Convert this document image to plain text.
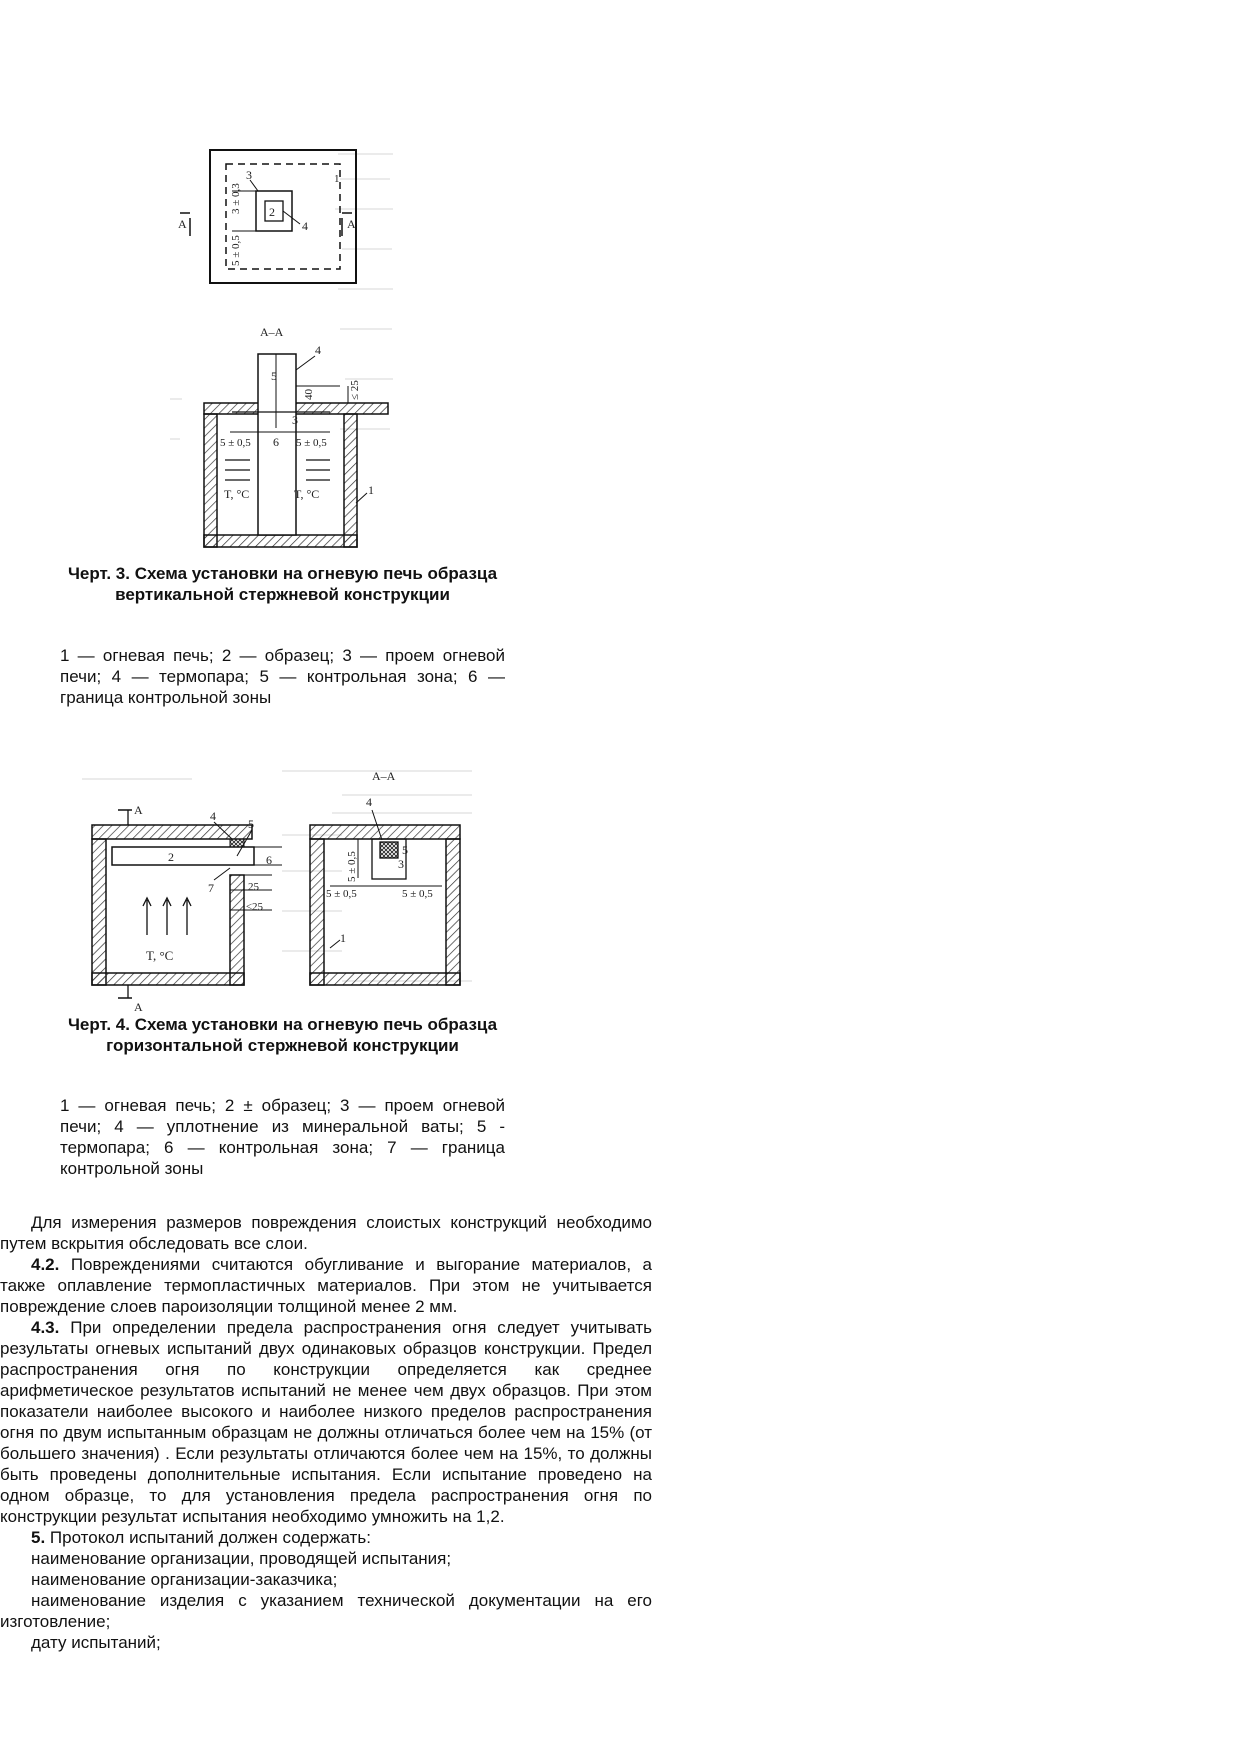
1
2
3
4
3 ± 0,3
5 ± 0,5
A	A
A–A
5
4
3
6
1
40	≤ 25
5 ± 0,5	5 ± 0,5
T, °C	T, °C
Черт. 3. Схема установки на огневую печь образца вертикальной стержневой конструкции
1 — огневая печь; 2 — образец; 3 — проем огневой печи; 4 — термопара; 5 — контрольная зона; 6 — граница контрольной зоны
A
A
4
5
2	6
7	25
≤25
T, °C
A–A
4
5
3
1
5 ± 0,5
5 ± 0,5	5 ± 0,5
Черт. 4. Схема установки на огневую печь образца горизонтальной стержневой конструкции
1 — огневая печь; 2 ± образец; 3 — проем огневой печи; 4 — уплотнение из минеральной ваты; 5 - термопара; 6 — контрольная зона; 7 — граница контрольной зоны

Для измерения размеров повреждения слоистых конструкций необходимо путем вскрытия обследовать все слои.

4.2. Повреждениями считаются обугливание и выгорание материалов, а также оплавление термопластичных материалов. При этом не учитывается повреждение слоев пароизоляции толщиной менее 2 мм.

4.3. При определении предела распространения огня следует учитывать результаты огневых испытаний двух одинаковых образцов конструкции. Предел распространения огня по конструкции определяется как среднее арифметическое результатов испытаний не менее чем двух образцов. При этом показатели наиболее высокого и наиболее низкого пределов распространения огня по двум испытанным образцам не должны отличаться более чем на 15% (от большего значения) . Если результаты отличаются более чем на 15%, то должны быть проведены дополнительные испытания. Если испытание проведено на одном образце, то для установления предела распространения огня по конструкции результат испытания необходимо умножить на 1,2.

5. Протокол испытаний должен содержать:

наименование организации, проводящей испытания;

наименование организации-заказчика;

наименование изделия с указанием технической документации на его изготовление;

дату испытаний;
